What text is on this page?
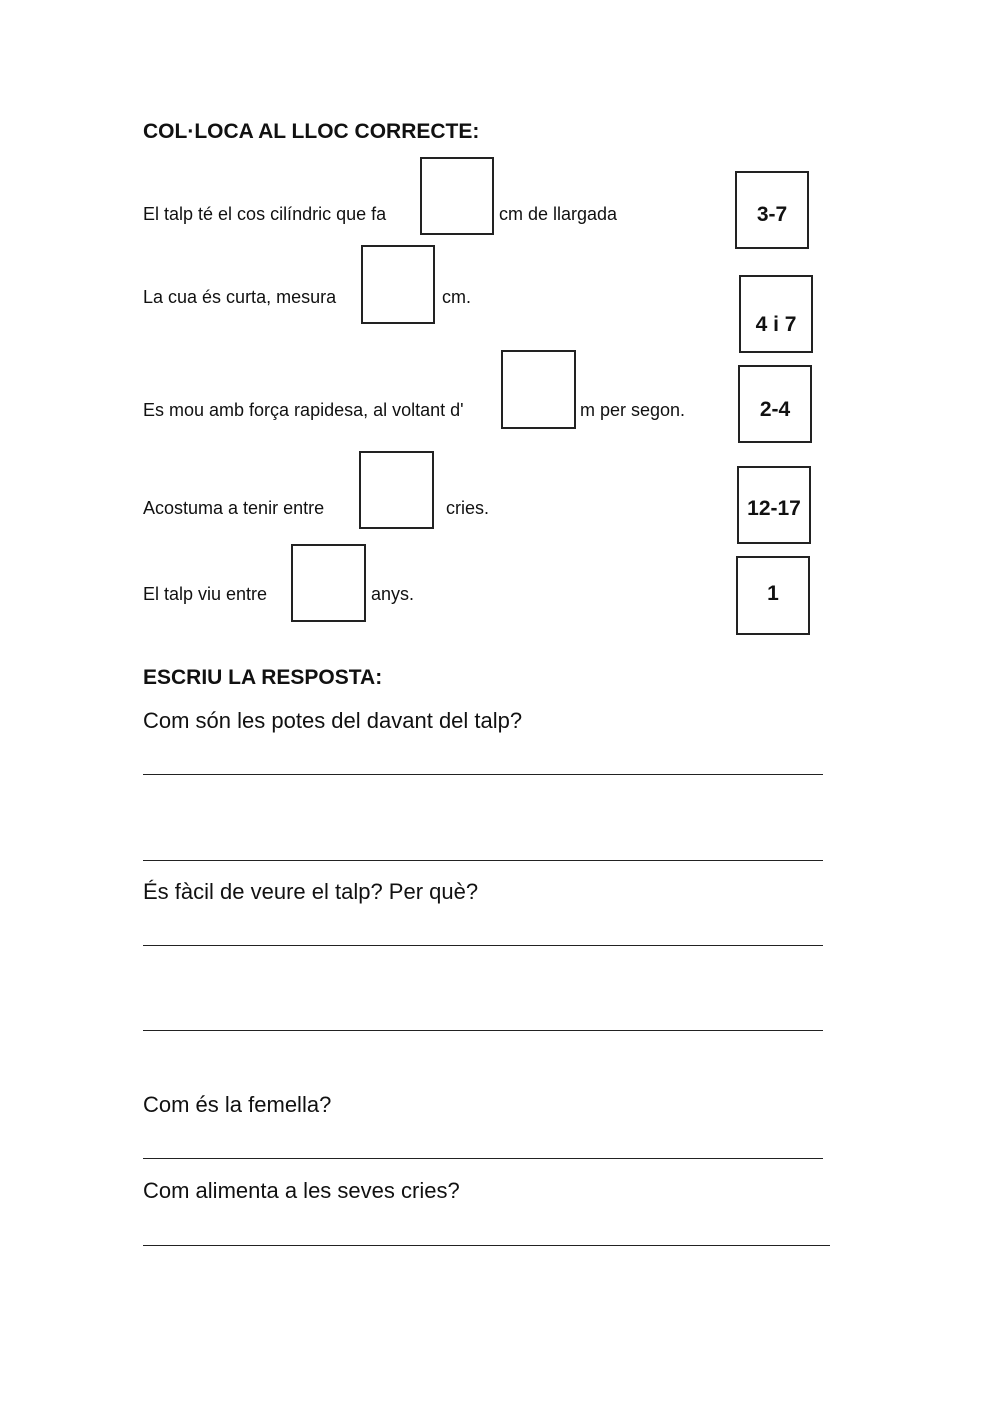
COL·LOCA AL LLOC CORRECTE:
El talp té el cos cilíndric que fa	cm de llargada
La cua és curta, mesura	cm.
Es mou amb força rapidesa, al voltant d'	m per segon.
Acostuma a tenir entre	cries.
El talp viu entre	anys.
3-7
4 i 7
2-4
12-17
1
ESCRIU LA RESPOSTA:
Com són les potes del davant del talp?
És fàcil de veure el talp? Per què?
Com és la femella?
Com alimenta a les seves cries?
